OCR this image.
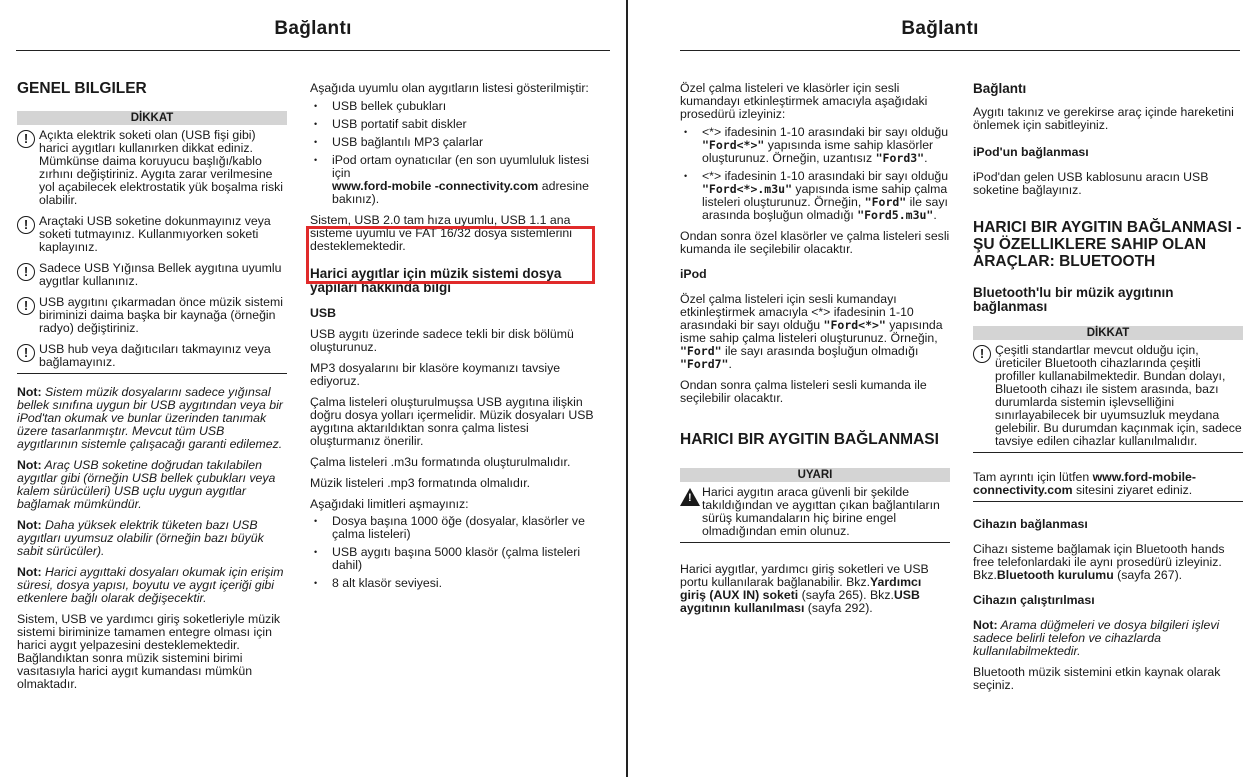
Bağlantı
GENEL BILGILER
DİKKAT
! Açıkta elektrik soketi olan (USB fişi gibi) harici aygıtları kullanırken dikkat ediniz. Mümkünse daima koruyucu başlığı/kablo zırhını değiştiriniz. Aygıta zarar verilmesine yol açabilecek elektrostatik yük boşalma riski olabilir.
! Araçtaki USB soketine dokunmayınız veya soketi tutmayınız. Kullanmıyorken soketi kaplayınız.
! Sadece USB Yığınsa Bellek aygıtına uyumlu aygıtlar kullanınız.
! USB aygıtını çıkarmadan önce müzik sistemi biriminizi daima başka bir kaynağa (örneğin radyo) değiştiriniz.
! USB hub veya dağıtıcıları takmayınız veya bağlamayınız.

Not: Sistem müzik dosyalarını sadece yığınsal bellek sınıfına uygun bir USB aygıtından veya bir iPod'tan okumak ve bunlar üzerinden tanımak üzere tasarlanmıştır. Mevcut tüm USB aygıtlarının sistemle çalışacağı garanti edilemez.

Not: Araç USB soketine doğrudan takılabilen aygıtlar gibi (örneğin USB bellek çubukları veya kalem sürücüleri) USB uçlu uygun aygıtlar bağlamak mümkündür.

Not: Daha yüksek elektrik tüketen bazı USB aygıtları uyumsuz olabilir (örneğin bazı büyük sabit sürücüler).

Not: Harici aygıttaki dosyaları okumak için erişim süresi, dosya yapısı, boyutu ve aygıt içeriği gibi etkenlere bağlı olarak değişecektir.

Sistem, USB ve yardımcı giriş soketleriyle müzik sistemi biriminize tamamen entegre olması için harici aygıt yelpazesini desteklemektedir. Bağlandıktan sonra müzik sistemini birimi vasıtasıyla harici aygıt kumandası mümkün olmaktadır.

Aşağıda uyumlu olan aygıtların listesi gösterilmiştir:

• USB bellek çubukları
• USB portatif sabit diskler
• USB bağlantılı MP3 çalarlar
• iPod ortam oynatıcılar (en son uyumluluk listesi için
www.ford-mobile -connectivity.com adresine bakınız).

Sistem, USB 2.0 tam hıza uyumlu, USB 1.1 ana sisteme uyumlu ve FAT 16/32 dosya sistemlerini desteklemektedir.

Harici aygıtlar için müzik sistemi dosya yapıları hakkında bilgi
USB

USB aygıtı üzerinde sadece tekli bir disk bölümü oluşturunuz.

MP3 dosyalarını bir klasöre koymanızı tavsiye ediyoruz.

Çalma listeleri oluşturulmuşsa USB aygıtına ilişkin doğru dosya yolları içermelidir. Müzik dosyaları USB aygıtına aktarıldıktan sonra çalma listesi oluşturmanız önerilir.

Çalma listeleri .m3u formatında oluşturulmalıdır.

Müzik listeleri .mp3 formatında olmalıdır.

Aşağıdaki limitleri aşmayınız:

• Dosya başına 1000 öğe (dosyalar, klasörler ve çalma listeleri)
• USB aygıtı başına 5000 klasör (çalma listeleri dahil)
• 8 alt klasör seviyesi.
Bağlantı

Özel çalma listeleri ve klasörler için sesli kumandayı etkinleştirmek amacıyla aşağıdaki prosedürü izleyiniz:

• <*> ifadesinin 1-10 arasındaki bir sayı olduğu "Ford<*>" yapısında isme sahip klasörler oluşturunuz. Örneğin, uzantısız "Ford3".
• <*> ifadesinin 1-10 arasındaki bir sayı olduğu "Ford<*>.m3u" yapısında isme sahip çalma listeleri oluşturunuz. Örneğin, "Ford" ile sayı arasında boşluğun olmadığı "Ford5.m3u".

Ondan sonra özel klasörler ve çalma listeleri sesli kumanda ile seçilebilir olacaktır.

iPod

Özel çalma listeleri için sesli kumandayı etkinleştirmek amacıyla <*> ifadesinin 1-10 arasındaki bir sayı olduğu "Ford<*>" yapısında isme sahip çalma listeleri oluşturunuz. Örneğin, "Ford" ile sayı arasında boşluğun olmadığı "Ford7".

Ondan sonra çalma listeleri sesli kumanda ile seçilebilir olacaktır.

HARICI BIR AYGITIN BAĞLANMASI
UYARI
!
Harici aygıtın araca güvenli bir şekilde takıldığından ve aygıttan çıkan bağlantıların sürüş kumandaların hiç birine engel olmadığından emin olunuz.

Harici aygıtlar, yardımcı giriş soketleri ve USB portu kullanılarak bağlanabilir. Bkz.Yardımcı giriş (AUX IN) soketi (sayfa 265). Bkz.USB aygıtının kullanılması (sayfa 292).

Bağlantı

Aygıtı takınız ve gerekirse araç içinde hareketini önlemek için sabitleyiniz.

iPod'un bağlanması

iPod'dan gelen USB kablosunu aracın USB soketine bağlayınız.

HARICI BIR AYGITIN BAĞLANMASI - ŞU ÖZELLIKLERE SAHIP OLAN ARAÇLAR: BLUETOOTH
Bluetooth'lu bir müzik aygıtının bağlanması
DİKKAT
! Çeşitli standartlar mevcut olduğu için, üreticiler Bluetooth cihazlarında çeşitli profiller kullanabilmektedir. Bundan dolayı, Bluetooth cihazı ile sistem arasında, bazı durumlarda sistemin işlevselliğini sınırlayabilecek bir uyumsuzluk meydana gelebilir. Bu durumdan kaçınmak için, sadece tavsiye edilen cihazlar kullanılmalıdır.

Tam ayrıntı için lütfen www.ford-mobile-connectivity.com sitesini ziyaret ediniz.

Cihazın bağlanması

Cihazı sisteme bağlamak için Bluetooth hands free telefonlardaki ile aynı prosedürü izleyiniz. Bkz.Bluetooth kurulumu (sayfa 267).

Cihazın çalıştırılması

Not: Arama düğmeleri ve dosya bilgileri işlevi sadece belirli telefon ve cihazlarda kullanılabilmektedir.

Bluetooth müzik sistemini etkin kaynak olarak seçiniz.
